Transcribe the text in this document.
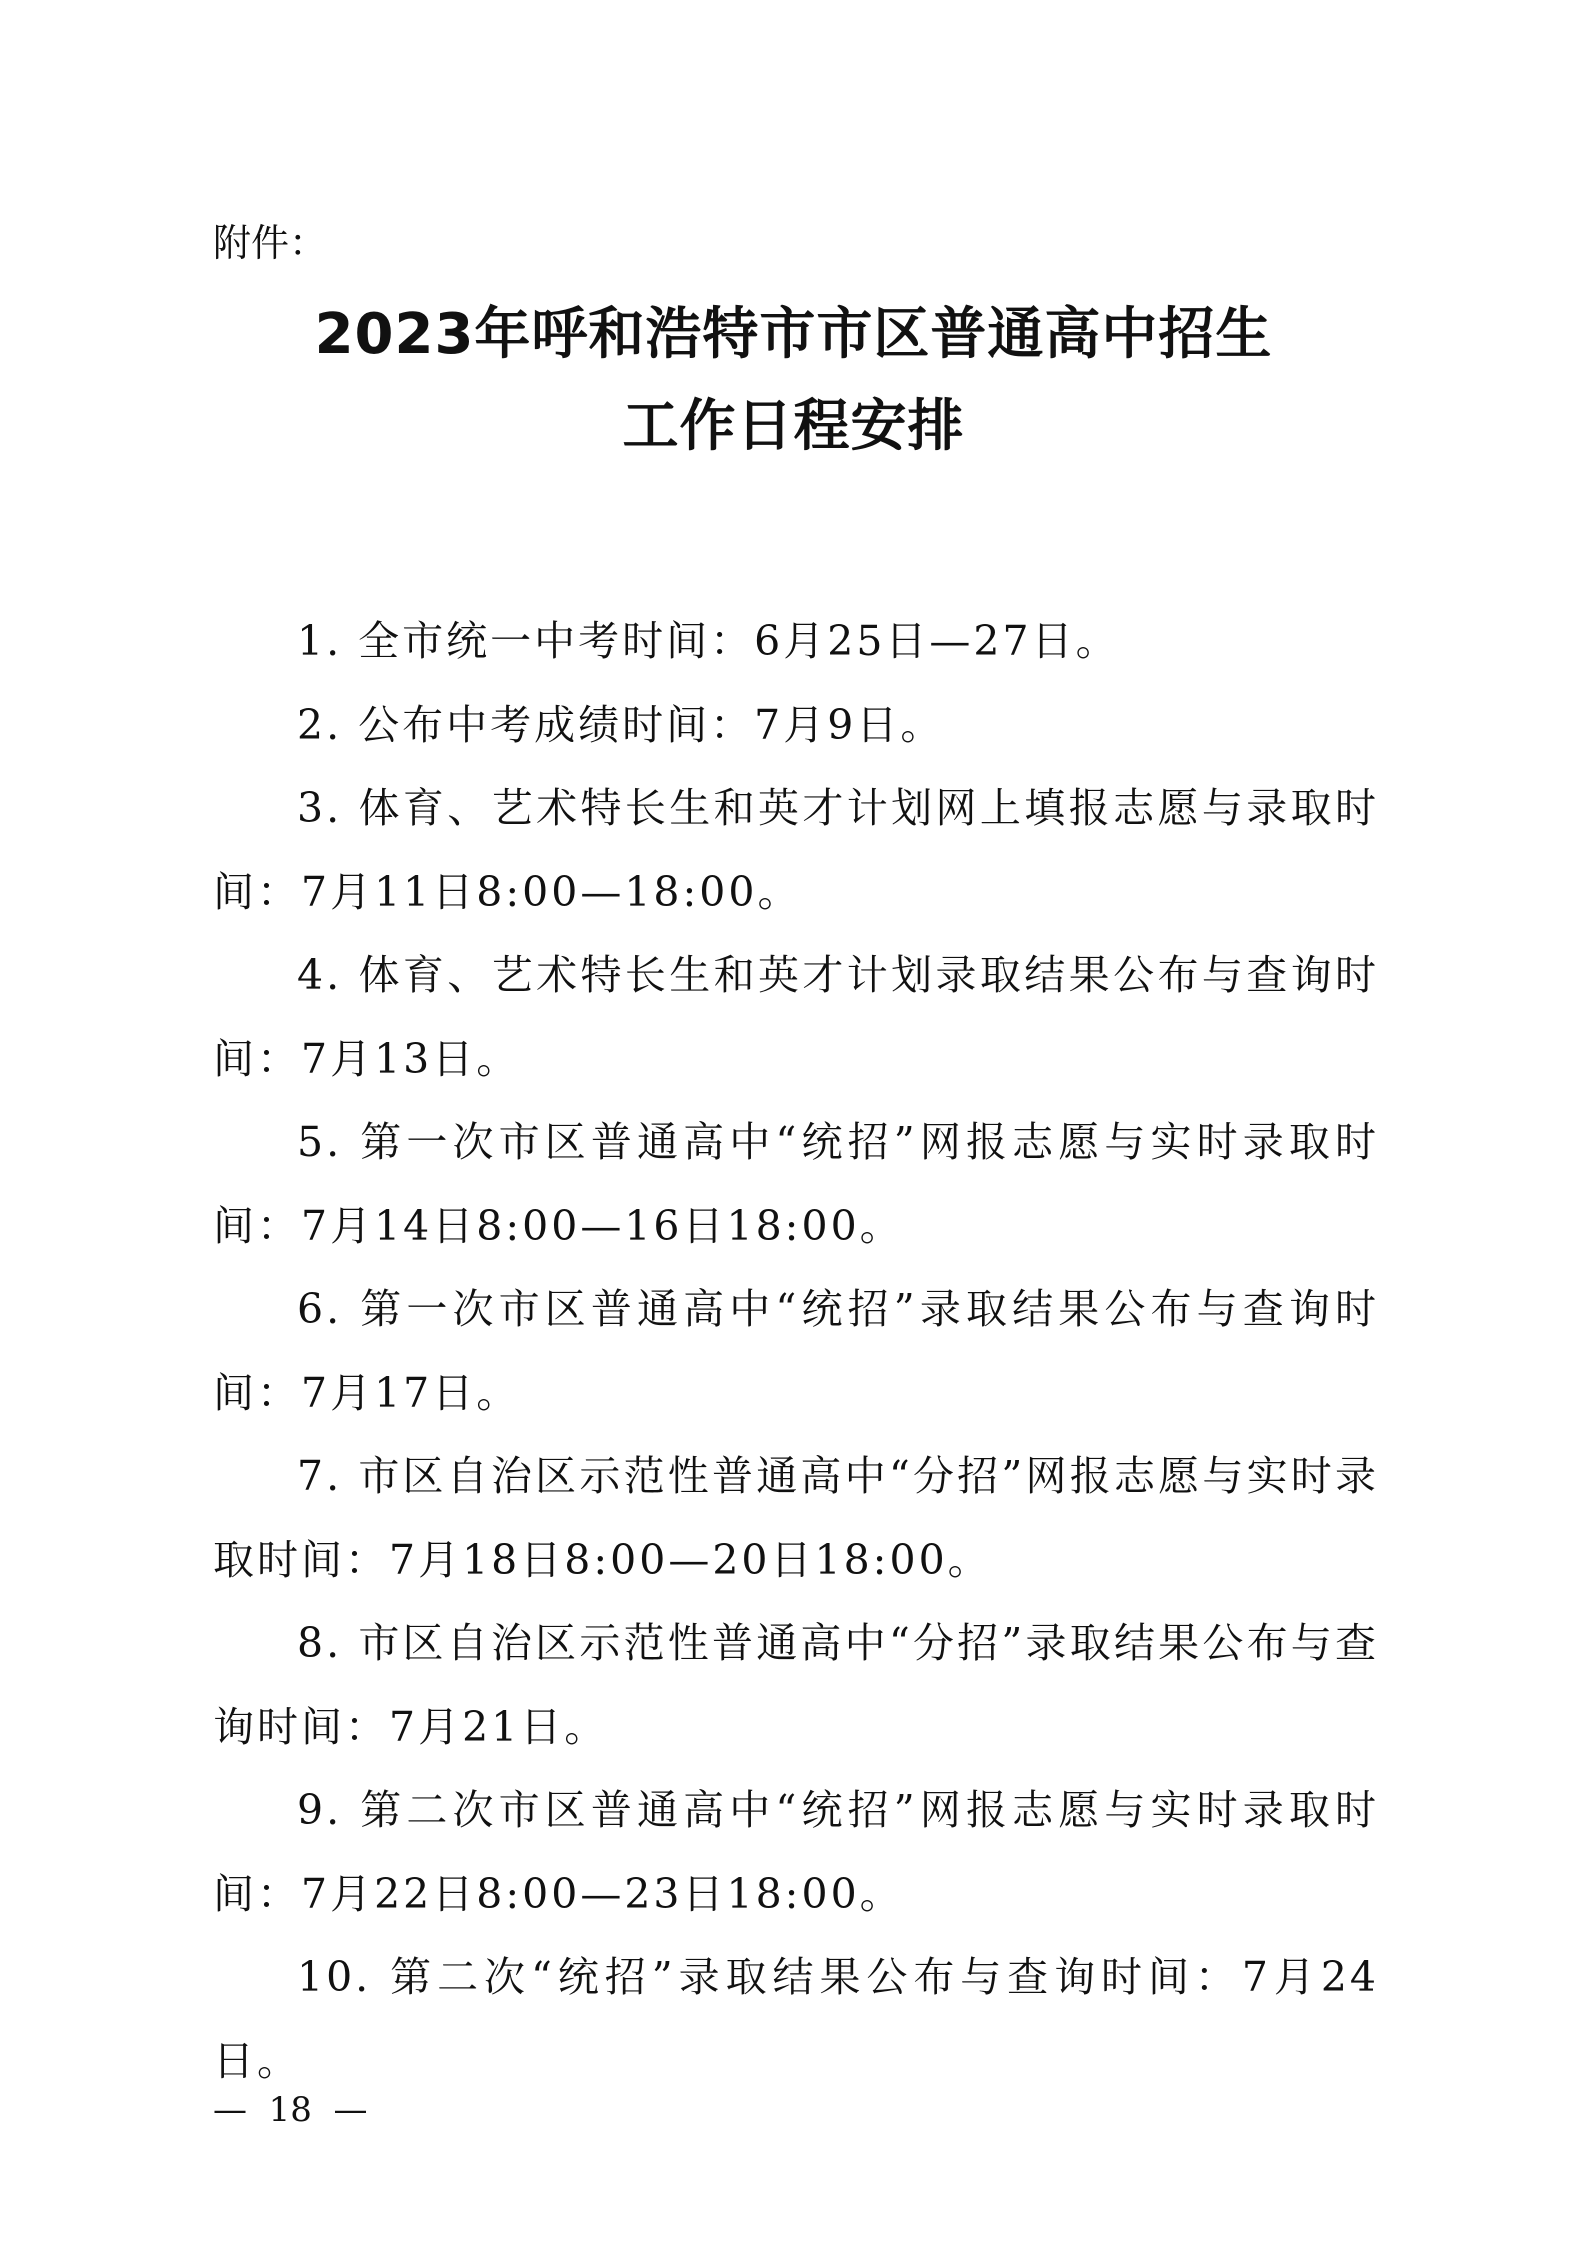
附件：
2023年呼和浩特市市区普通高中招生
工作日程安排

1. 全市统一中考时间：6月25日—27日。

2. 公布中考成绩时间：7月9日。

3. 体育、艺术特长生和英才计划网上填报志愿与录取时间：7月11日8:00—18:00。

4. 体育、艺术特长生和英才计划录取结果公布与查询时间：7月13日。

5. 第一次市区普通高中“统招”网报志愿与实时录取时间：7月14日8:00—16日18:00。

6. 第一次市区普通高中“统招”录取结果公布与查询时间：7月17日。

7. 市区自治区示范性普通高中“分招”网报志愿与实时录取时间：7月18日8:00—20日18:00。

8. 市区自治区示范性普通高中“分招”录取结果公布与查询时间：7月21日。

9. 第二次市区普通高中“统招”网报志愿与实时录取时间：7月22日8:00—23日18:00。

10. 第二次“统招”录取结果公布与查询时间：7月24日。

—  18  —
